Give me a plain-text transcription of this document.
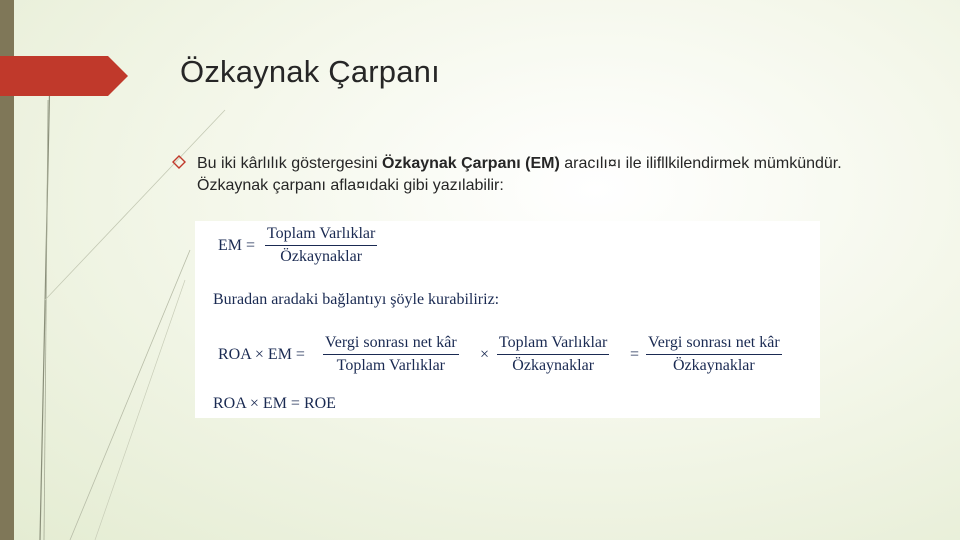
Özkaynak Çarpanı
Bu iki kârlılık göstergesini Özkaynak Çarpanı (EM) aracılı¤ı ile ilifllkilendirmek mümkündür. Özkaynak çarpanı afla¤ıdaki gibi yazılabilir:
EM =
Toplam Varlıklar
Özkaynaklar
Buradan aradaki bağlantıyı şöyle kurabiliriz:
ROA × EM =
Vergi sonrası net kâr
Toplam Varlıklar
×
Toplam Varlıklar
Özkaynaklar
=
Vergi sonrası net kâr
Özkaynaklar
ROA × EM = ROE
